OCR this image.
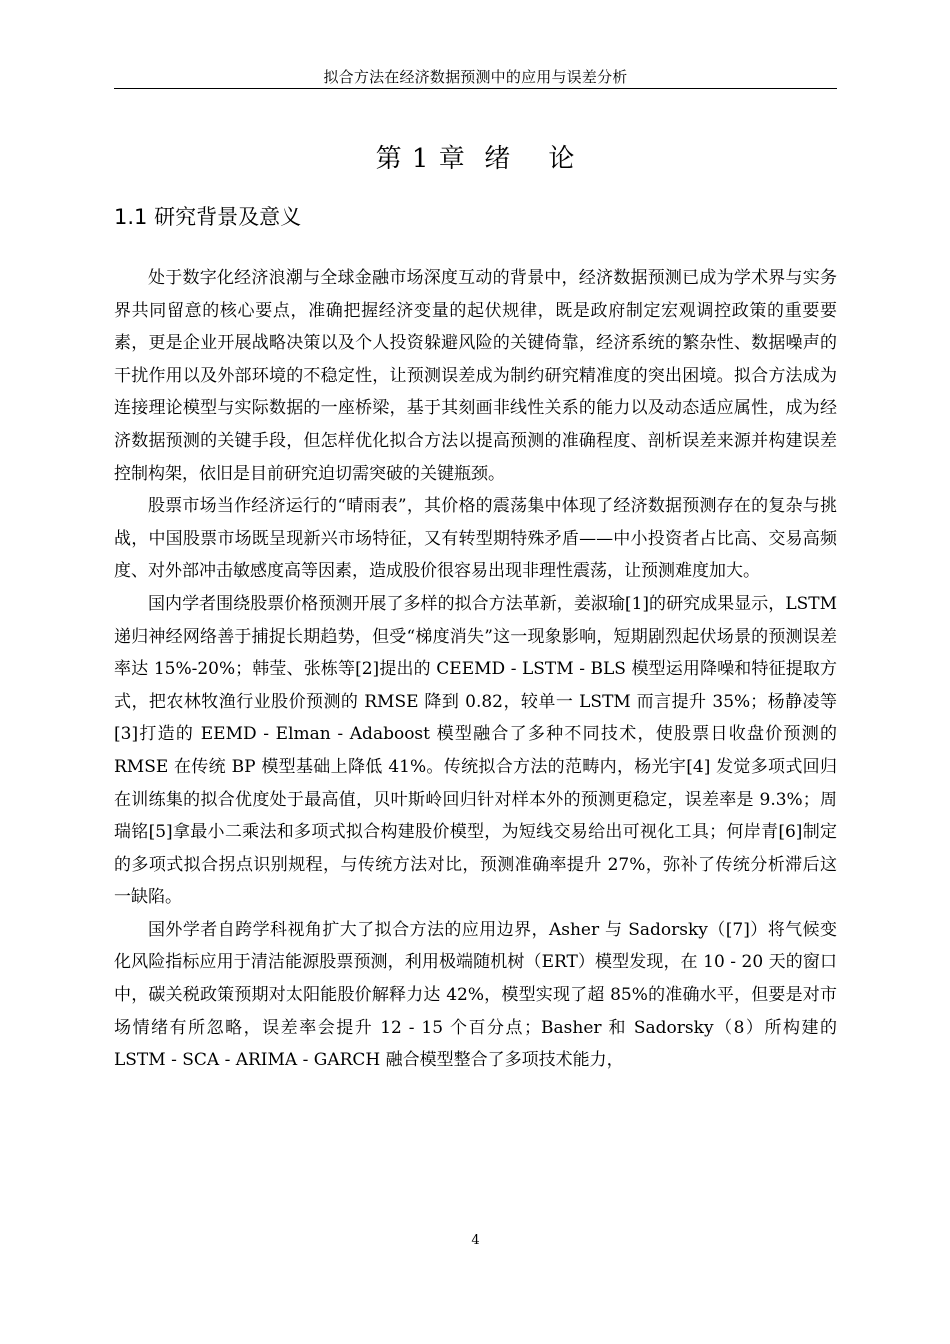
拟合方法在经济数据预测中的应用与误差分析
第 1 章  绪    论
1.1 研究背景及意义

处于数字化经济浪潮与全球金融市场深度互动的背景中，经济数据预测已成为学术界与实务界共同留意的核心要点，准确把握经济变量的起伏规律，既是政府制定宏观调控政策的重要要素，更是企业开展战略决策以及个人投资躲避风险的关键倚靠，经济系统的繁杂性、数据噪声的干扰作用以及外部环境的不稳定性，让预测误差成为制约研究精准度的突出困境。拟合方法成为连接理论模型与实际数据的一座桥梁，基于其刻画非线性关系的能力以及动态适应属性，成为经济数据预测的关键手段，但怎样优化拟合方法以提高预测的准确程度、剖析误差来源并构建误差控制构架，依旧是目前研究迫切需突破的关键瓶颈。

股票市场当作经济运行的“晴雨表”，其价格的震荡集中体现了经济数据预测存在的复杂与挑战，中国股票市场既呈现新兴市场特征，又有转型期特殊矛盾——中小投资者占比高、交易高频度、对外部冲击敏感度高等因素，造成股价很容易出现非理性震荡，让预测难度加大。

国内学者围绕股票价格预测开展了多样的拟合方法革新，姜淑瑜[1]的研究成果显示，LSTM 递归神经网络善于捕捉长期趋势，但受“梯度消失”这一现象影响，短期剧烈起伏场景的预测误差率达 15%-20%；韩莹、张栋等[2]提出的 CEEMD - LSTM - BLS 模型运用降噪和特征提取方式，把农林牧渔行业股价预测的 RMSE 降到 0.82，较单一 LSTM 而言提升 35%；杨静凌等[3]打造的 EEMD - Elman - Adaboost 模型融合了多种不同技术，使股票日收盘价预测的 RMSE 在传统 BP 模型基础上降低 41%。传统拟合方法的范畴内，杨光宇[4] 发觉多项式回归在训练集的拟合优度处于最高值，贝叶斯岭回归针对样本外的预测更稳定，误差率是 9.3%；周瑞铭[5]拿最小二乘法和多项式拟合构建股价模型，为短线交易给出可视化工具；何岸青[6]制定的多项式拟合拐点识别规程，与传统方法对比，预测准确率提升 27%，弥补了传统分析滞后这一缺陷。

国外学者自跨学科视角扩大了拟合方法的应用边界，Asher 与 Sadorsky（[7]）将气候变化风险指标应用于清洁能源股票预测，利用极端随机树（ERT）模型发现，在 10 - 20 天的窗口中，碳关税政策预期对太阳能股价解释力达 42%，模型实现了超 85%的准确水平，但要是对市场情绪有所忽略，误差率会提升 12 - 15 个百分点；Basher 和 Sadorsky（8）所构建的 LSTM - SCA - ARIMA - GARCH 融合模型整合了多项技术能力，

4
